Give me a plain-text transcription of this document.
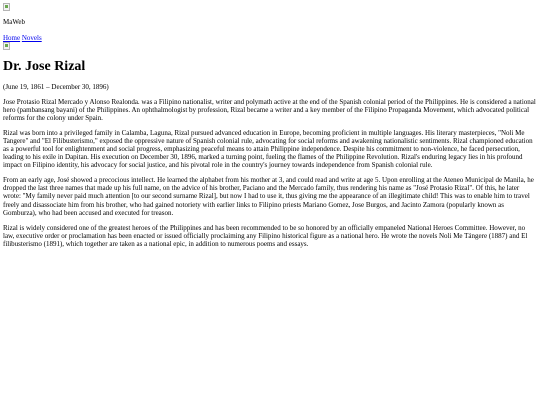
MaWeb
Home Novels
Dr. Jose Rizal

(June 19, 1861 – December 30, 1896)

Jose Protasio Rizal Mercado y Alonso Realonda. was a Filipino nationalist, writer and polymath active at the end of the Spanish colonial period of the Philippines. He is considered a national hero (pambansang bayani) of the Philippines. An ophthalmologist by profession, Rizal became a writer and a key member of the Filipino Propaganda Movement, which advocated political reforms for the colony under Spain.

Rizal was born into a privileged family in Calamba, Laguna, Rizal pursued advanced education in Europe, becoming proficient in multiple languages. His literary masterpieces, "Noli Me Tangere" and "El Filibusterismo," exposed the oppressive nature of Spanish colonial rule, advocating for social reforms and awakening nationalistic sentiments. Rizal championed education as a powerful tool for enlightenment and social progress, emphasizing peaceful means to attain Philippine independence. Despite his commitment to non-violence, he faced persecution, leading to his exile in Dapitan. His execution on December 30, 1896, marked a turning point, fueling the flames of the Philippine Revolution. Rizal's enduring legacy lies in his profound impact on Filipino identity, his advocacy for social justice, and his pivotal role in the country's journey towards independence from Spanish colonial rule.

From an early age, José showed a precocious intellect. He learned the alphabet from his mother at 3, and could read and write at age 5. Upon enrolling at the Ateneo Municipal de Manila, he dropped the last three names that made up his full name, on the advice of his brother, Paciano and the Mercado family, thus rendering his name as "José Protasio Rizal". Of this, he later wrote: "My family never paid much attention [to our second surname Rizal], but now I had to use it, thus giving me the appearance of an illegitimate child! This was to enable him to travel freely and disassociate him from his brother, who had gained notoriety with earlier links to Filipino priests Mariano Gomez, Jose Burgos, and Jacinto Zamora (popularly known as Gomburza), who had been accused and executed for treason.

Rizal is widely considered one of the greatest heroes of the Philippines and has been recommended to be so honored by an officially empaneled National Heroes Committee. However, no law, executive order or proclamation has been enacted or issued officially proclaiming any Filipino historical figure as a national hero. He wrote the novels Noli Me Tángere (1887) and El filibusterismo (1891), which together are taken as a national epic, in addition to numerous poems and essays.
